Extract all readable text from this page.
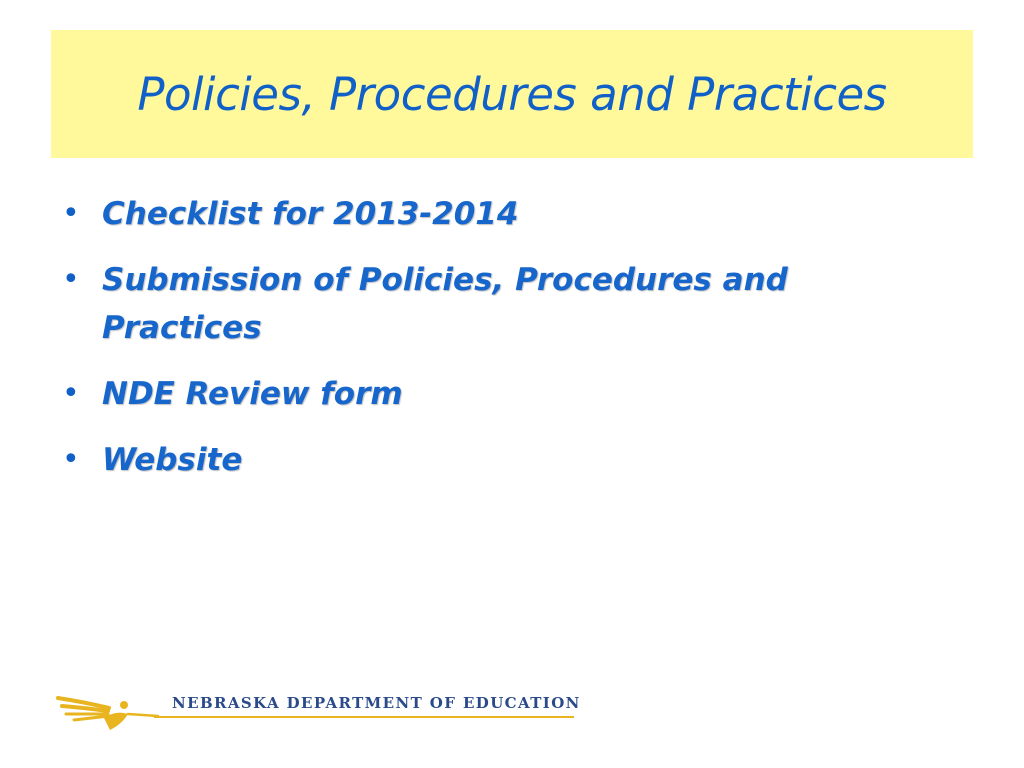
Policies, Procedures and Practices
• Checklist for 2013-2014
• Submission of Policies, Procedures and Practices
• NDE Review form
• Website
NEBRASKA DEPARTMENT OF EDUCATION
